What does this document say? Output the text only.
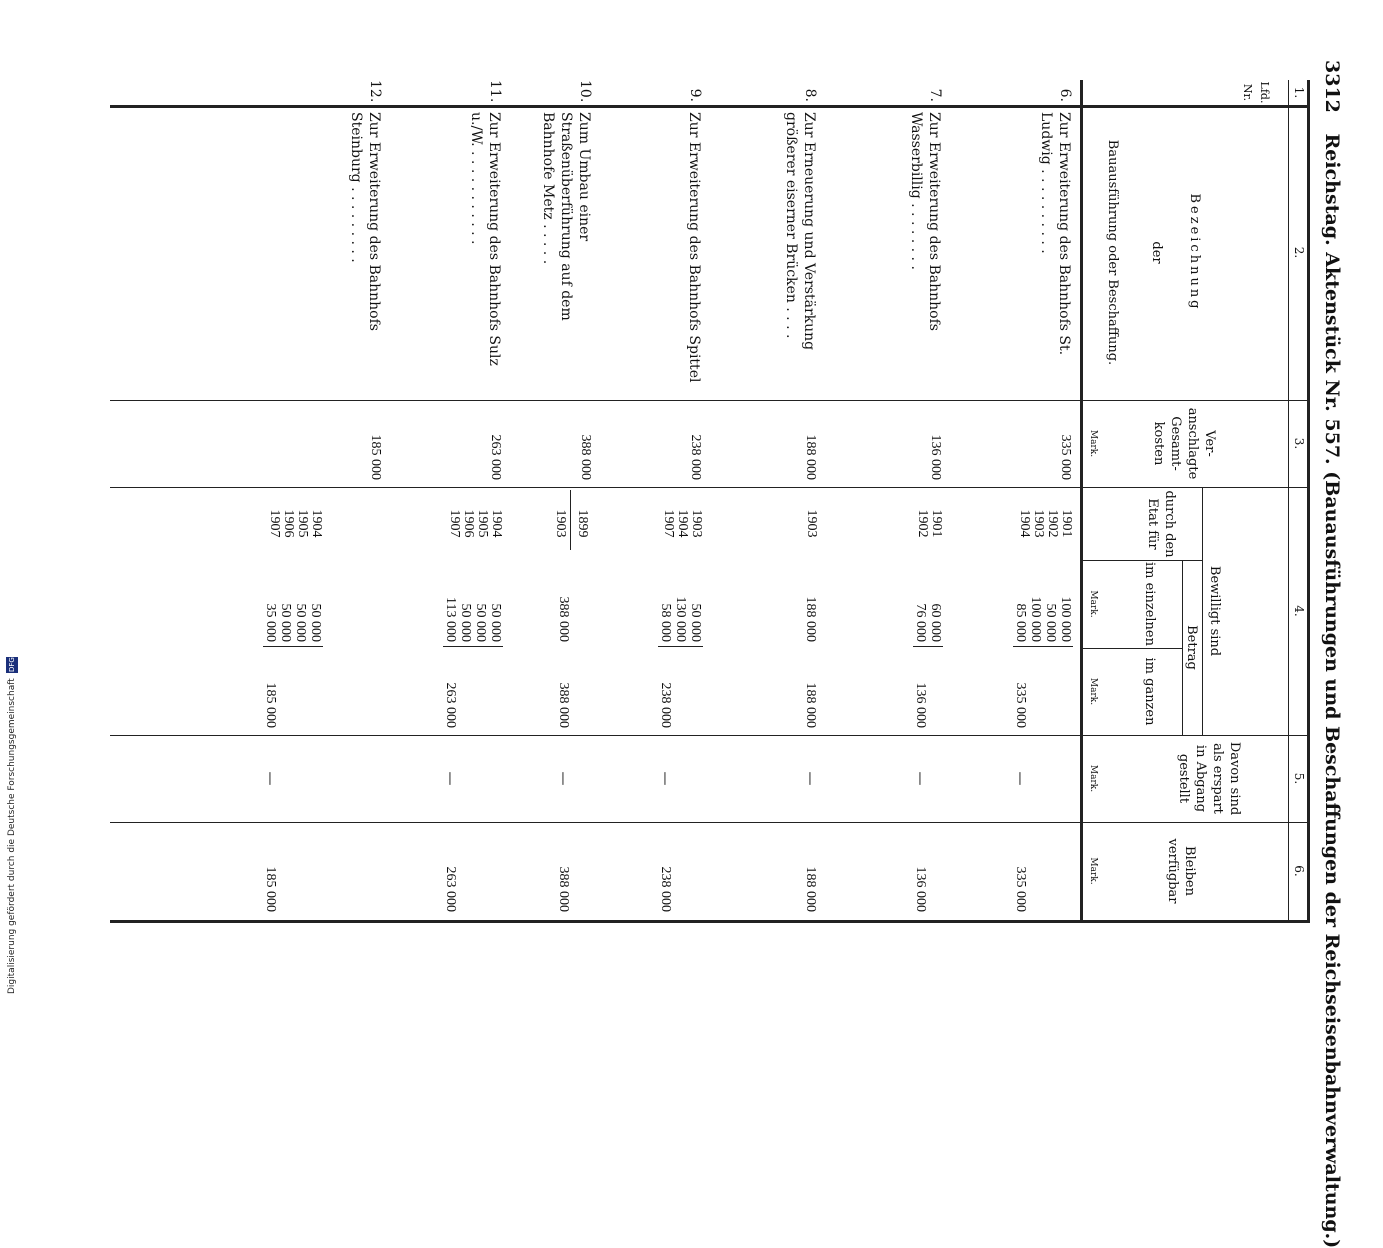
3312 Reichstag. Aktenstück Nr. 557. (Bauausführungen und Beschaffungen der Reichseisenbahnverwaltung.)
1.
2.
3.
4.
5.
6.
Lfd. Nr.
Bezeichnung
der
Bauausführung oder Beschaffung.
Ver- anschlagte Gesamt- kosten
Mark.
Bewilligt sind
durch den Etat für
Betrag
im einzelnen
Mark.
im ganzen
Mark.
Davon sind als erspart in Abgang gestellt
Mark.
Bleiben verfügbar
Mark.
6.
Zur Erweiterung des Bahnhofs St. Ludwig . . . . . . . . . .
335 000
1901
1902
1903
1904
100 000
50 000
100 000
85 000
335 000
—
335 000
7.
Zur Erweiterung des Bahnhofs Wasserbillig . . . . . . . .
136 000
1901
1902
60 000
76 000
136 000
—
136 000
8.
Zur Erneuerung und Verstärkung größerer eiserner Brücken . . . .
188 000
1903
188 000
188 000
—
188 000
9.
Zur Erweiterung des Bahnhofs Spittel
238 000
1903
1904
1907
50 000
130 000
58 000
238 000
—
238 000
10.
Zum Umbau einer Straßenüberführung auf dem Bahnhofe Metz . . . . .
388 000
1899
1903
388 000
388 000
—
388 000
11.
Zur Erweiterung des Bahnhofs Sulz u./W. . . . . . . . . . . .
263 000
1904
1905
1906
1907
50 000
50 000
50 000
113 000
263 000
—
263 000
12.
Zur Erweiterung des Bahnhofs Steinburg . . . . . . . . .
185 000
1904
1905
1906
1907
50 000
50 000
50 000
35 000
185 000
—
185 000
Digitalisierung gefördert durch die Deutsche Forschungsgemeinschaft DFG
